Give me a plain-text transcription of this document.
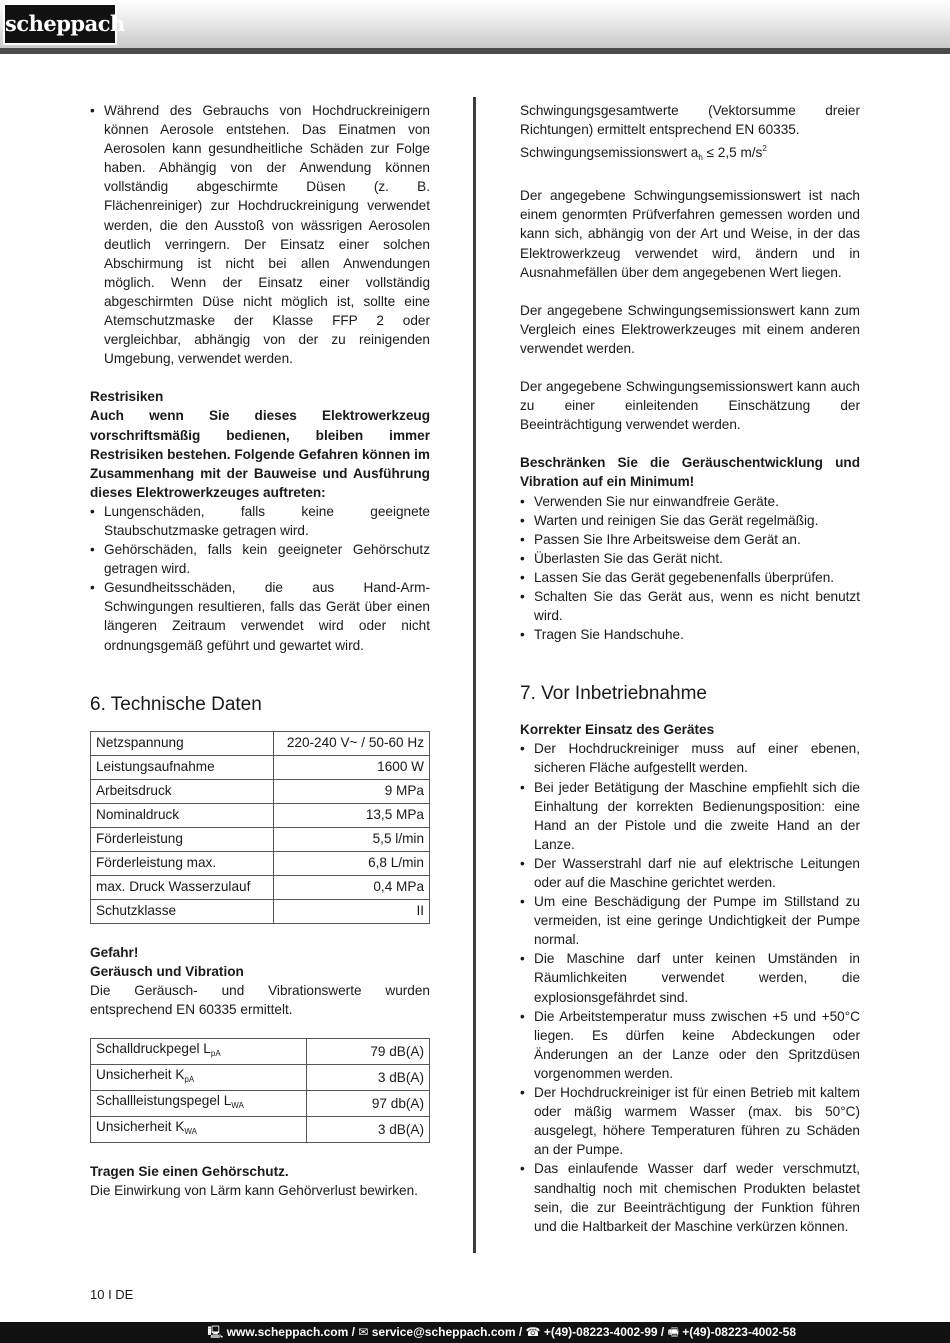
scheppach
• Während des Gebrauchs von Hochdruckreinigern können Aerosole entstehen. Das Einatmen von Aerosolen kann gesundheitliche Schäden zur Folge haben. Abhängig von der Anwendung können vollständig abgeschirmte Düsen (z. B. Flächenreiniger) zur Hochdruckreinigung verwendet werden, die den Ausstoß von wässrigen Aerosolen deutlich verringern. Der Einsatz einer solchen Abschirmung ist nicht bei allen Anwendungen möglich. Wenn der Einsatz einer vollständig abgeschirmten Düse nicht möglich ist, sollte eine Atemschutzmaske der Klasse FFP 2 oder vergleichbar, abhängig von der zu reinigenden Umgebung, verwendet werden.

Restrisiken

Auch wenn Sie dieses Elektrowerkzeug vorschriftsmäßig bedienen, bleiben immer Restrisiken bestehen. Folgende Gefahren können im Zusammenhang mit der Bauweise und Ausführung dieses Elektrowerkzeuges auftreten:

• Lungenschäden, falls keine geeignete Staubschutzmaske getragen wird.
• Gehörschäden, falls kein geeigneter Gehörschutz getragen wird.
• Gesundheitsschäden, die aus Hand-Arm- Schwingungen resultieren, falls das Gerät über einen längeren Zeitraum verwendet wird oder nicht ordnungsgemäß geführt und gewartet wird.
6. Technische Daten
Netzspannung	220-240 V~ / 50-60 Hz
Leistungsaufnahme	1600 W
Arbeitsdruck	9 MPa
Nominaldruck	13,5 MPa
Förderleistung	5,5 l/min
Förderleistung max.	6,8 L/min
max. Druck Wasserzulauf	0,4 MPa
Schutzklasse	II

Gefahr!

Geräusch und Vibration

Die Geräusch- und Vibrationswerte wurden entsprechend EN 60335 ermittelt.

Schalldruckpegel $L_{pA}$	79 dB(A)
Unsicherheit $K_{pA}$	3 dB(A)
Schallleistungspegel $L_{WA}$	97 db(A)
Unsicherheit $K_{WA}$	3 dB(A)

Tragen Sie einen Gehörschutz.

Die Einwirkung von Lärm kann Gehörverlust bewirken.

Schwingungsgesamtwerte (Vektorsumme dreier Richtungen) ermittelt entsprechend EN 60335.

Schwingungsemissionswert $a_h \le 2,5$ $m/s^2$

Der angegebene Schwingungsemissionswert ist nach einem genormten Prüfverfahren gemessen worden und kann sich, abhängig von der Art und Weise, in der das Elektrowerkzeug verwendet wird, ändern und in Ausnahmefällen über dem angegebenen Wert liegen.

Der angegebene Schwingungsemissionswert kann zum Vergleich eines Elektrowerkzeuges mit einem anderen verwendet werden.

Der angegebene Schwingungsemissionswert kann auch zu einer einleitenden Einschätzung der Beeinträchtigung verwendet werden.

Beschränken Sie die Geräuschentwicklung und Vibration auf ein Minimum!

• Verwenden Sie nur einwandfreie Geräte.
• Warten und reinigen Sie das Gerät regelmäßig.
• Passen Sie Ihre Arbeitsweise dem Gerät an.
• Überlasten Sie das Gerät nicht.
• Lassen Sie das Gerät gegebenenfalls überprüfen.
• Schalten Sie das Gerät aus, wenn es nicht benutzt wird.
• Tragen Sie Handschuhe.
7. Vor Inbetriebnahme

Korrekter Einsatz des Gerätes

• Der Hochdruckreiniger muss auf einer ebenen, sicheren Fläche aufgestellt werden.
• Bei jeder Betätigung der Maschine empfiehlt sich die Einhaltung der korrekten Bedienungsposition: eine Hand an der Pistole und die zweite Hand an der Lanze.
• Der Wasserstrahl darf nie auf elektrische Leitungen oder auf die Maschine gerichtet werden.
• Um eine Beschädigung der Pumpe im Stillstand zu vermeiden, ist eine geringe Undichtigkeit der Pumpe normal.
• Die Maschine darf unter keinen Umständen in Räumlichkeiten verwendet werden, die explosionsgefährdet sind.
• Die Arbeitstemperatur muss zwischen +5 und +50°C liegen. Es dürfen keine Abdeckungen oder Änderungen an der Lanze oder den Spritzdüsen vorgenommen werden.
• Der Hochdruckreiniger ist für einen Betrieb mit kaltem oder mäßig warmem Wasser (max. bis 50°C) ausgelegt, höhere Temperaturen führen zu Schäden an der Pumpe.
• Das einlaufende Wasser darf weder verschmutzt, sandhaltig noch mit chemischen Produkten belastet sein, die zur Beeinträchtigung der Funktion führen und die Haltbarkeit der Maschine verkürzen können.
10 I DE
🖳 www.scheppach.com / ✉ service@scheppach.com / ☎ +(49)-08223-4002-99 / 🖷 +(49)-08223-4002-58
